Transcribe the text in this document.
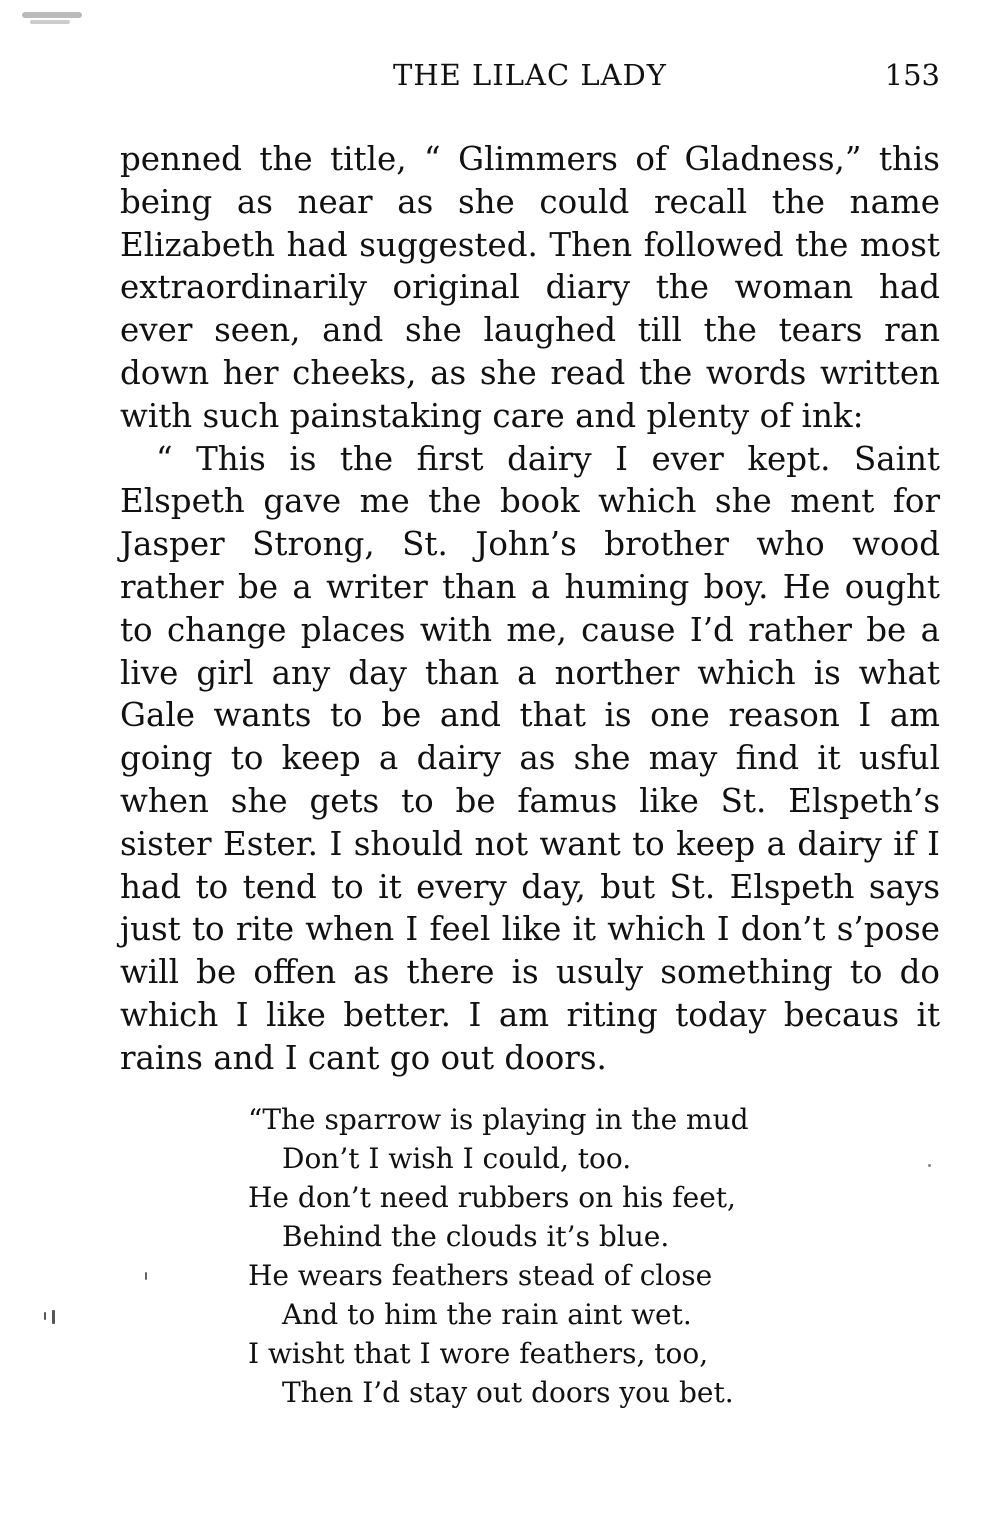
THE LILAC LADY	153

penned the title, “ Glimmers of Gladness,” this being as near as she could recall the name Elizabeth had suggested. Then followed the most extraordinarily original diary the woman had ever seen, and she laughed till the tears ran down her cheeks, as she read the words written with such painstaking care and plenty of ink:

“ This is the first dairy I ever kept. Saint Elspeth gave me the book which she ment for Jasper Strong, St. John’s brother who wood rather be a writer than a huming boy. He ought to change places with me, cause I’d rather be a live girl any day than a norther which is what Gale wants to be and that is one reason I am going to keep a dairy as she may find it usful when she gets to be famus like St. Elspeth’s sister Ester. I should not want to keep a dairy if I had to tend to it every day, but St. Elspeth says just to rite when I feel like it which I don’t s’pose will be offen as there is usuly something to do which I like better. I am riting today becaus it rains and I cant go out doors.

“The sparrow is playing in the mud
Don’t I wish I could, too.
He don’t need rubbers on his feet,
Behind the clouds it’s blue.
He wears feathers stead of close
And to him the rain aint wet.
I wisht that I wore feathers, too,
Then I’d stay out doors you bet.
